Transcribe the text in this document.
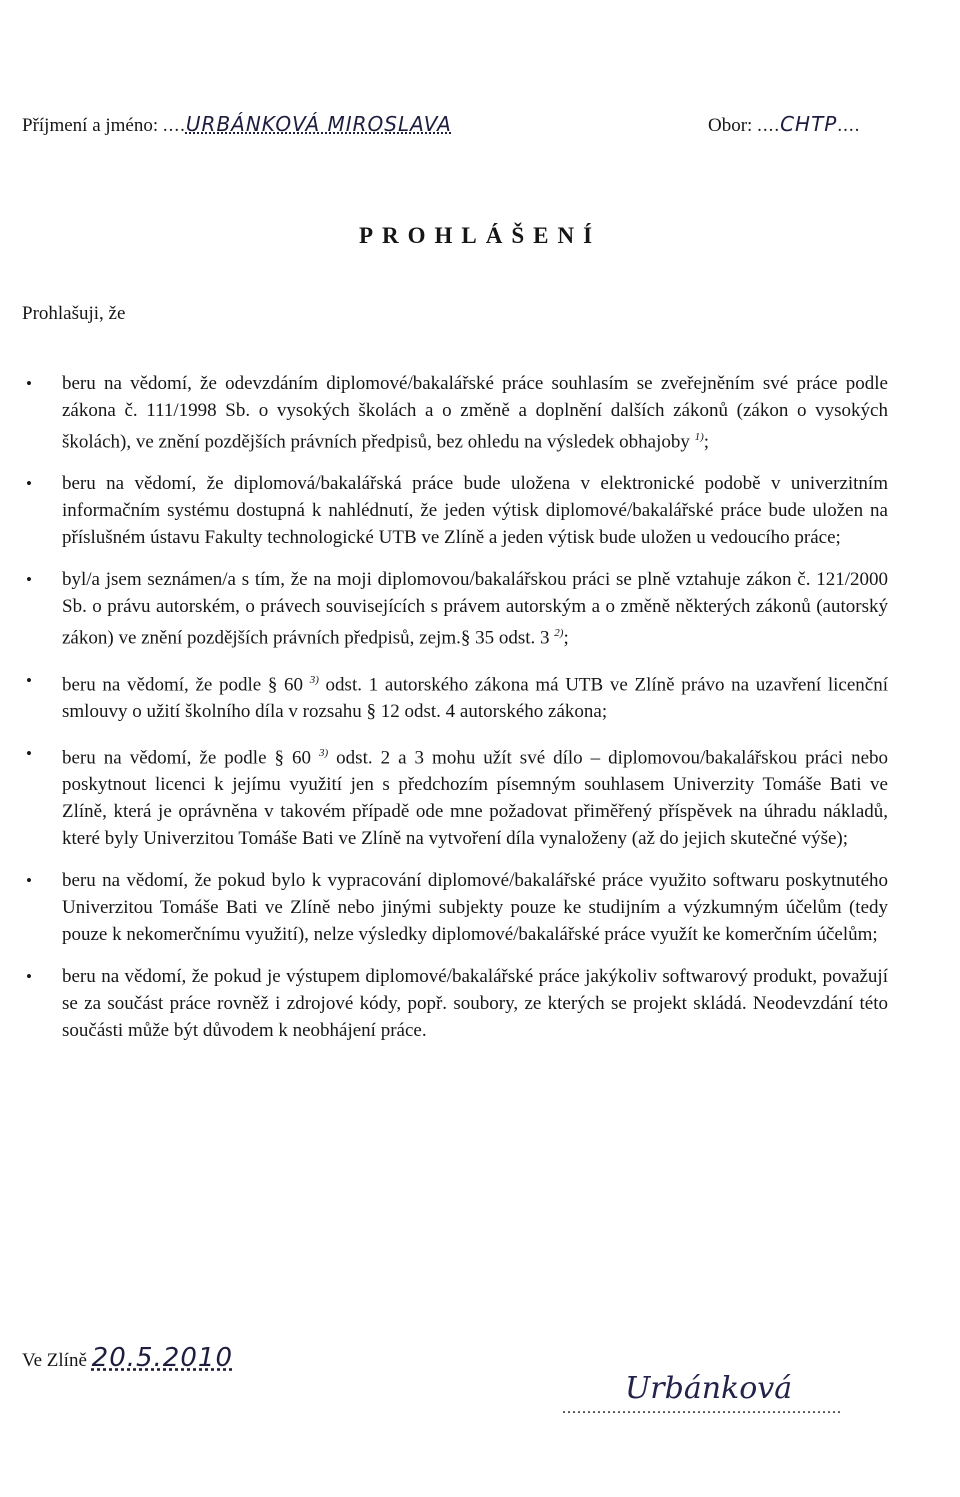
Příjmení a jméno: ....URBÁNKOVÁ MIROSLAVA	Obor: ....CHTP....
PROHLÁŠENÍ
Prohlašuji, že
• beru na vědomí, že odevzdáním diplomové/bakalářské práce souhlasím se zveřejněním své práce podle zákona č. 111/1998 Sb. o vysokých školách a o změně a doplnění dalších zákonů (zákon o vysokých školách), ve znění pozdějších právních předpisů, bez ohledu na výsledek obhajoby $^{1)}$;
• beru na vědomí, že diplomová/bakalářská práce bude uložena v elektronické podobě v univerzitním informačním systému dostupná k nahlédnutí, že jeden výtisk diplomové/bakalářské práce bude uložen na příslušném ústavu Fakulty technologické UTB ve Zlíně a jeden výtisk bude uložen u vedoucího práce;
• byl/a jsem seznámen/a s tím, že na moji diplomovou/bakalářskou práci se plně vztahuje zákon č. 121/2000 Sb. o právu autorském, o právech souvisejících s právem autorským a o změně některých zákonů (autorský zákon) ve znění pozdějších právních předpisů, zejm.§ 35 odst. 3 $^{2)}$;
• beru na vědomí, že podle § 60 $^{3)}$ odst. 1 autorského zákona má UTB ve Zlíně právo na uzavření licenční smlouvy o užití školního díla v rozsahu § 12 odst. 4 autorského zákona;
• beru na vědomí, že podle § 60 $^{3)}$ odst. 2 a 3 mohu užít své dílo – diplomovou/bakalářskou práci nebo poskytnout licenci k jejímu využití jen s předchozím písemným souhlasem Univerzity Tomáše Bati ve Zlíně, která je oprávněna v takovém případě ode mne požadovat přiměřený příspěvek na úhradu nákladů, které byly Univerzitou Tomáše Bati ve Zlíně na vytvoření díla vynaloženy (až do jejich skutečné výše);
• beru na vědomí, že pokud bylo k vypracování diplomové/bakalářské práce využito softwaru poskytnutého Univerzitou Tomáše Bati ve Zlíně nebo jinými subjekty pouze ke studijním a výzkumným účelům (tedy pouze k nekomerčnímu využití), nelze výsledky diplomové/bakalářské práce využít ke komerčním účelům;
• beru na vědomí, že pokud je výstupem diplomové/bakalářské práce jakýkoliv softwarový produkt, považují se za součást práce rovněž i zdrojové kódy, popř. soubory, ze kterých se projekt skládá. Neodevzdání této součásti může být důvodem k neobhájení práce.
Ve Zlíně 20.5.2010
Urbánková
........................................................
